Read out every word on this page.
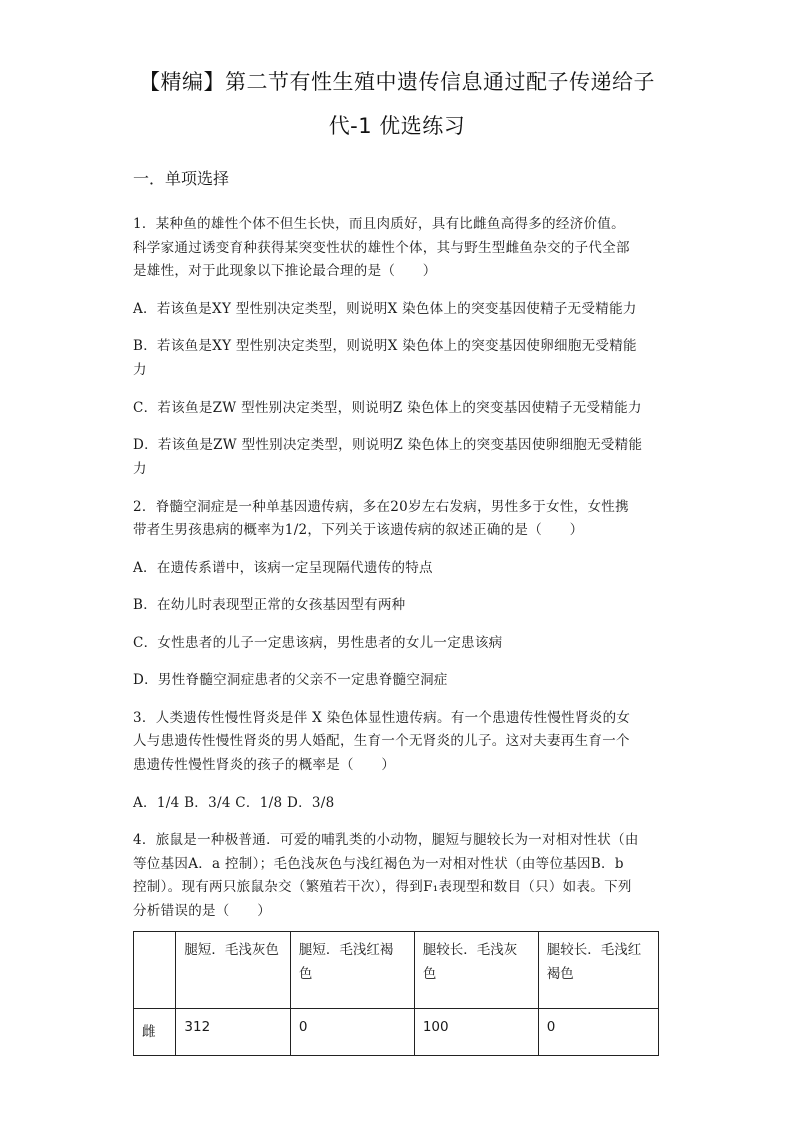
【精编】第二节有性生殖中遗传信息通过配子传递给子
代-1 优选练习
一．单项选择
1．某种鱼的雄性个体不但生长快，而且肉质好，具有比雌鱼高得多的经济价值。
科学家通过诱变育种获得某突变性状的雄性个体，其与野生型雌鱼杂交的子代全部
是雄性，对于此现象以下推论最合理的是（　　）
A．若该鱼是XY 型性别决定类型，则说明X 染色体上的突变基因使精子无受精能力
B．若该鱼是XY 型性别决定类型，则说明X 染色体上的突变基因使卵细胞无受精能
力
C．若该鱼是ZW 型性别决定类型，则说明Z 染色体上的突变基因使精子无受精能力
D．若该鱼是ZW 型性别决定类型，则说明Z 染色体上的突变基因使卵细胞无受精能
力
2．脊髓空洞症是一种单基因遗传病，多在20岁左右发病，男性多于女性，女性携
带者生男孩患病的概率为1/2，下列关于该遗传病的叙述正确的是（　　）
A．在遗传系谱中，该病一定呈现隔代遗传的特点
B．在幼儿时表现型正常的女孩基因型有两种
C．女性患者的儿子一定患该病，男性患者的女儿一定患该病
D．男性脊髓空洞症患者的父亲不一定患脊髓空洞症
3．人类遗传性慢性肾炎是伴 X 染色体显性遗传病。有一个患遗传性慢性肾炎的女
人与患遗传性慢性肾炎的男人婚配，生育一个无肾炎的儿子。这对夫妻再生育一个
患遗传性慢性肾炎的孩子的概率是（　　）
A．1/4 B．3/4 C．1/8 D．3/8
4．旅鼠是一种极普通．可爱的哺乳类的小动物，腿短与腿较长为一对相对性状（由
等位基因A．a 控制）；毛色浅灰色与浅红褐色为一对相对性状（由等位基因B．b
控制）。现有两只旅鼠杂交（繁殖若干次），得到F₁表现型和数目（只）如表。下列
分析错误的是（　　）
	腿短．毛浅灰色	腿短．毛浅红褐色	腿较长．毛浅灰色	腿较长．毛浅红褐色
雌	312	0	100	0
